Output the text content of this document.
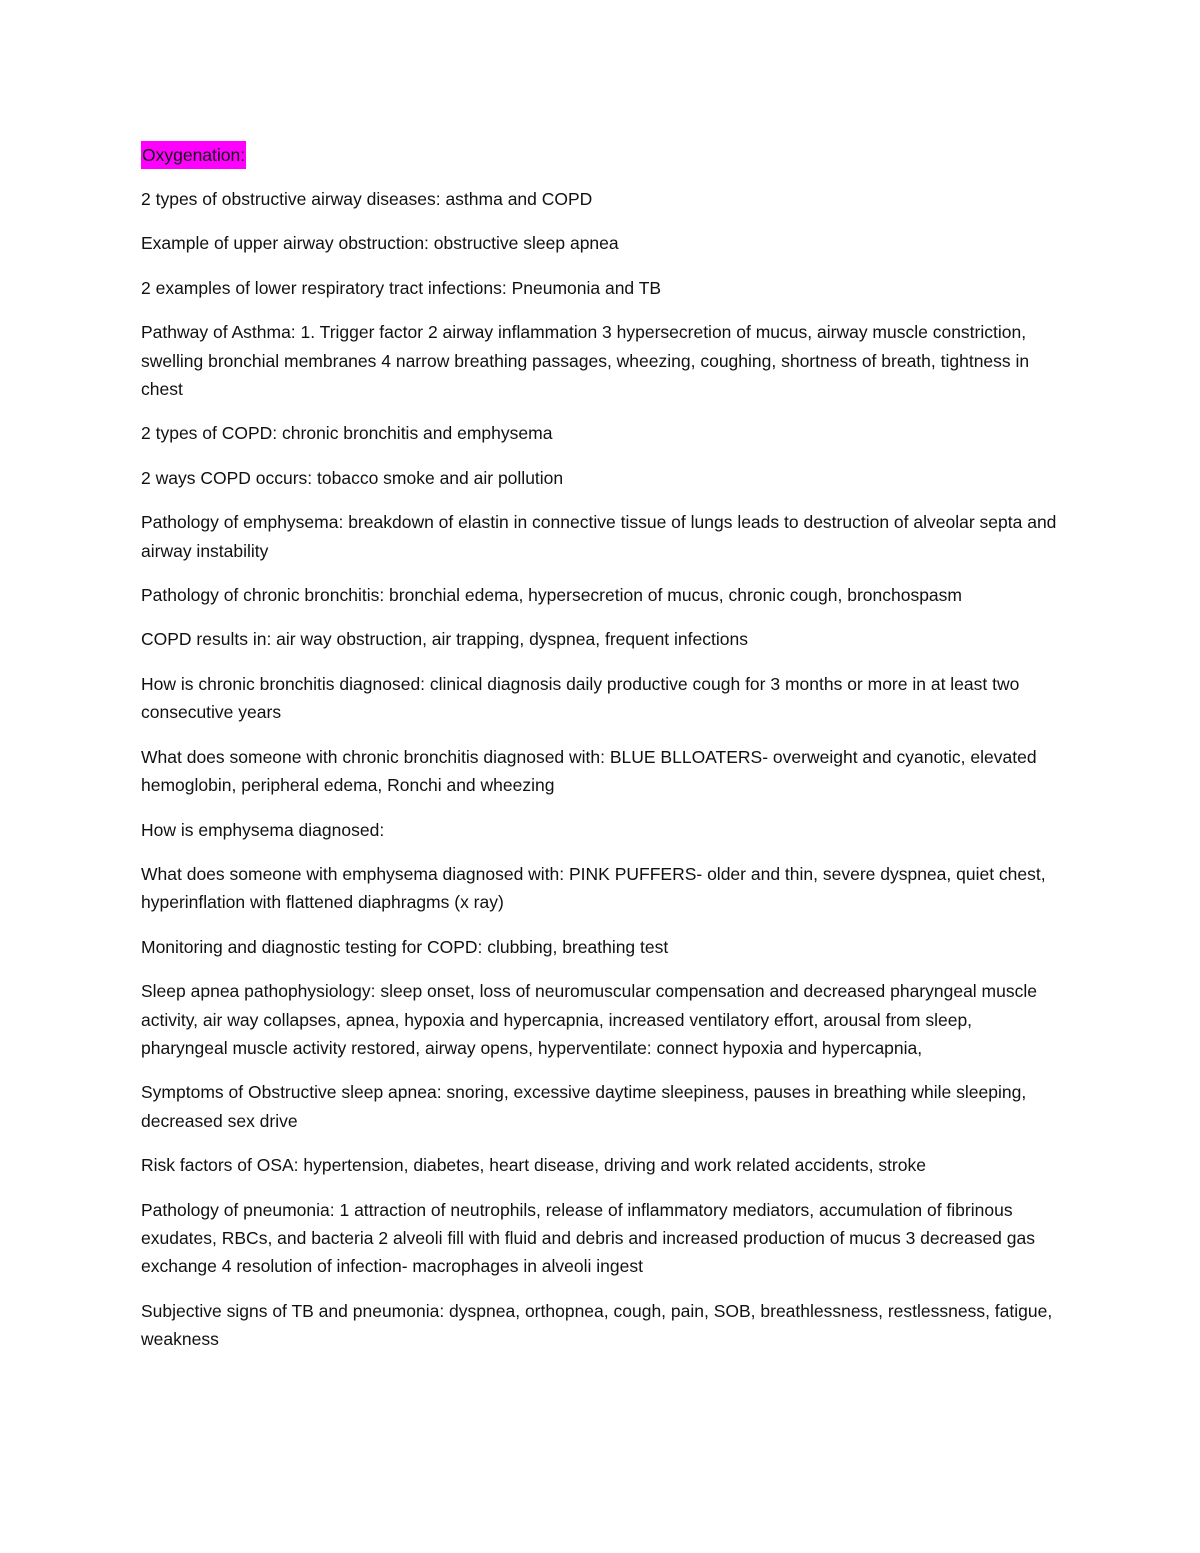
Oxygenation:

2 types of obstructive airway diseases: asthma and COPD

Example of upper airway obstruction: obstructive sleep apnea

2 examples of lower respiratory tract infections: Pneumonia and TB

Pathway of Asthma: 1. Trigger factor 2 airway inflammation 3 hypersecretion of mucus, airway muscle constriction, swelling bronchial membranes 4 narrow breathing passages, wheezing, coughing, shortness of breath, tightness in chest

2 types of COPD: chronic bronchitis and emphysema

2 ways COPD occurs: tobacco smoke and air pollution

Pathology of emphysema: breakdown of elastin in connective tissue of lungs leads to destruction of alveolar septa and airway instability

Pathology of chronic bronchitis: bronchial edema, hypersecretion of mucus, chronic cough, bronchospasm

COPD results in: air way obstruction, air trapping, dyspnea, frequent infections

How is chronic bronchitis diagnosed: clinical diagnosis daily productive cough for 3 months or more in at least two consecutive years

What does someone with chronic bronchitis diagnosed with: BLUE BLLOATERS- overweight and cyanotic, elevated hemoglobin, peripheral edema, Ronchi and wheezing

How is emphysema diagnosed:

What does someone with emphysema diagnosed with: PINK PUFFERS- older and thin, severe dyspnea, quiet chest, hyperinflation with flattened diaphragms (x ray)

Monitoring and diagnostic testing for COPD: clubbing, breathing test

Sleep apnea pathophysiology: sleep onset, loss of neuromuscular compensation and decreased pharyngeal muscle activity, air way collapses, apnea, hypoxia and hypercapnia, increased ventilatory effort, arousal from sleep, pharyngeal muscle activity restored, airway opens, hyperventilate: connect hypoxia and hypercapnia,

Symptoms of Obstructive sleep apnea: snoring, excessive daytime sleepiness, pauses in breathing while sleeping, decreased sex drive

Risk factors of OSA: hypertension, diabetes, heart disease, driving and work related accidents, stroke

Pathology of pneumonia: 1 attraction of neutrophils, release of inflammatory mediators, accumulation of fibrinous exudates, RBCs, and bacteria 2 alveoli fill with fluid and debris and increased production of mucus 3 decreased gas exchange 4 resolution of infection- macrophages in alveoli ingest

Subjective signs of TB and pneumonia: dyspnea, orthopnea, cough, pain, SOB, breathlessness, restlessness, fatigue, weakness
